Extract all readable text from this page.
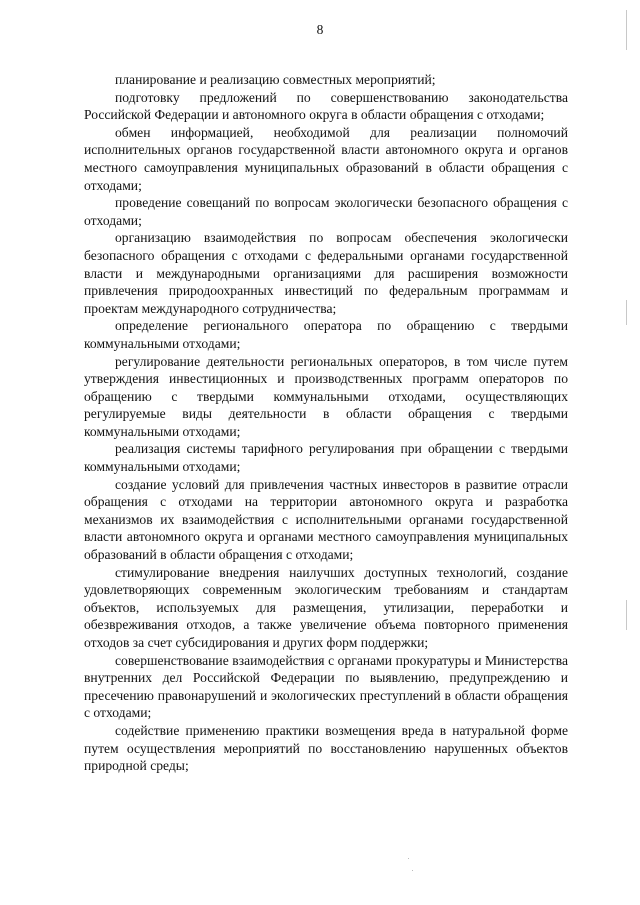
8

планирование и реализацию совместных мероприятий;

подготовку предложений по совершенствованию законодательства Российской Федерации и автономного округа в области обращения с отходами;

обмен информацией, необходимой для реализации полномочий исполнительных органов государственной власти автономного округа и органов местного самоуправления муниципальных образований в области обращения с отходами;

проведение совещаний по вопросам экологически безопасного обращения с отходами;

организацию взаимодействия по вопросам обеспечения экологически безопасного обращения с отходами с федеральными органами государственной власти и международными организациями для расширения возможности привлечения природоохранных инвестиций по федеральным программам и проектам международного сотрудничества;

определение регионального оператора по обращению с твердыми коммунальными отходами;

регулирование деятельности региональных операторов, в том числе путем утверждения инвестиционных и производственных программ операторов по обращению с твердыми коммунальными отходами, осуществляющих регулируемые виды деятельности в области обращения с твердыми коммунальными отходами;

реализация системы тарифного регулирования при обращении с твердыми коммунальными отходами;

создание условий для привлечения частных инвесторов в развитие отрасли обращения с отходами на территории автономного округа и разработка механизмов их взаимодействия с исполнительными органами государственной власти автономного округа и органами местного самоуправления муниципальных образований в области обращения с отходами;

стимулирование внедрения наилучших доступных технологий, создание удовлетворяющих современным экологическим требованиям и стандартам объектов, используемых для размещения, утилизации, переработки и обезвреживания отходов, а также увеличение объема повторного применения отходов за счет субсидирования и других форм поддержки;

совершенствование взаимодействия с органами прокуратуры и Министерства внутренних дел Российской Федерации по выявлению, предупреждению и пресечению правонарушений и экологических преступлений в области обращения с отходами;

содействие применению практики возмещения вреда в натуральной форме путем осуществления мероприятий по восстановлению нарушенных объектов природной среды;
